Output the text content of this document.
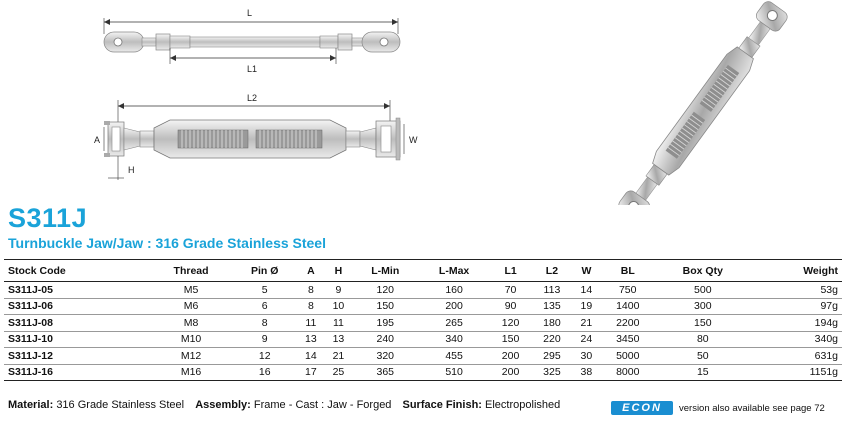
L
L1
L2
A
H
W
S311J
Turnbuckle Jaw/Jaw : 316 Grade Stainless Steel
Stock Code	Thread	Pin Ø	A	H	L-Min	L-Max	L1	L2	W	BL	Box Qty	Weight
S311J-05	M5	5	8	9	120	160	70	113	14	750	500	53g
S311J-06	M6	6	8	10	150	200	90	135	19	1400	300	97g
S311J-08	M8	8	11	11	195	265	120	180	21	2200	150	194g
S311J-10	M10	9	13	13	240	340	150	220	24	3450	80	340g
S311J-12	M12	12	14	21	320	455	200	295	30	5000	50	631g
S311J-16	M16	16	17	25	365	510	200	325	38	8000	15	1151g
Material: 316 Grade Stainless Steel Assembly: Frame - Cast : Jaw - Forged Surface Finish: Electropolished	ECON	version also available see page 72
